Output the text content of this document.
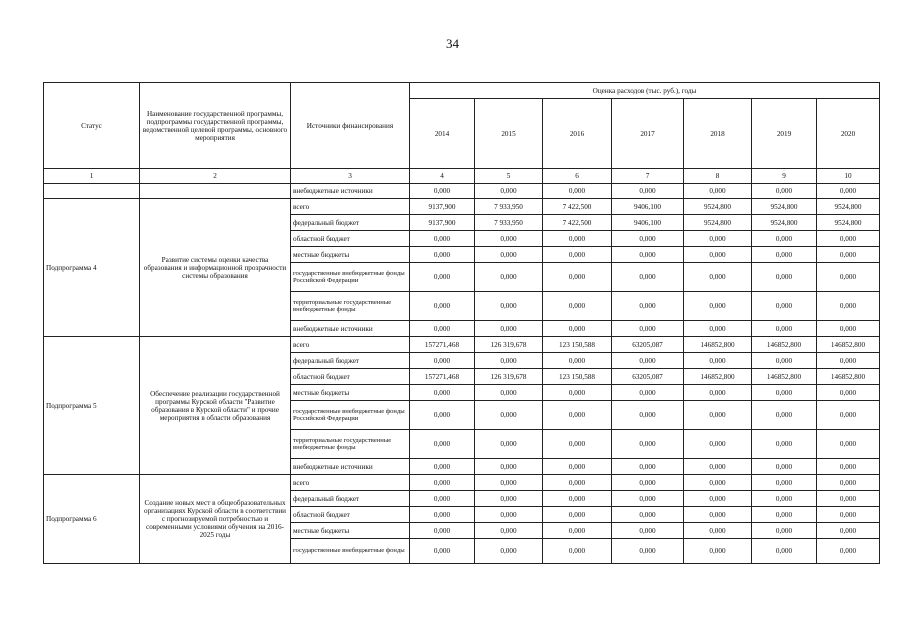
34
Статус	Наименование государственной программы, подпрограммы государственной программы, ведомственной целевой программы, основного мероприятия	Источники финансирования	Оценка расходов (тыс. руб.), годы						
			2014	2015	2016	2017	2018	2019	2020
1	2	3	4	5	6	7	8	9	10
		внебюджетные источники	0,000	0,000	0,000	0,000	0,000	0,000	0,000
Подпрограмма 4	Развитие системы оценки качества образования и информационной прозрачности системы образования	всего	9137,900	7 933,950	7 422,500	9406,100	9524,800	9524,800	9524,800
		федеральный бюджет	9137,900	7 933,950	7 422,500	9406,100	9524,800	9524,800	9524,800
		областной бюджет	0,000	0,000	0,000	0,000	0,000	0,000	0,000
		местные бюджеты	0,000	0,000	0,000	0,000	0,000	0,000	0,000
		государственные внебюджетные фонды Российской Федерации	0,000	0,000	0,000	0,000	0,000	0,000	0,000
		территориальные государственные внебюджетные фонды	0,000	0,000	0,000	0,000	0,000	0,000	0,000
		внебюджетные источники	0,000	0,000	0,000	0,000	0,000	0,000	0,000
Подпрограмма 5	Обеспечение реализации государственной программы Курской области "Развитие образования в Курской области" и прочие мероприятия в области образования	всего	157271,468	126 319,678	123 150,588	63205,087	146852,800	146852,800	146852,800
		федеральный бюджет	0,000	0,000	0,000	0,000	0,000	0,000	0,000
		областной бюджет	157271,468	126 319,678	123 150,588	63205,087	146852,800	146852,800	146852,800
		местные бюджеты	0,000	0,000	0,000	0,000	0,000	0,000	0,000
		государственные внебюджетные фонды Российской Федерации	0,000	0,000	0,000	0,000	0,000	0,000	0,000
		территориальные государственные внебюджетные фонды	0,000	0,000	0,000	0,000	0,000	0,000	0,000
		внебюджетные источники	0,000	0,000	0,000	0,000	0,000	0,000	0,000
Подпрограмма 6	Создание новых мест в общеобразовательных организациях Курской области в соответствии с прогнозируемой потребностью и современными условиями обучения на 2016-2025 годы	всего	0,000	0,000	0,000	0,000	0,000	0,000	0,000
		федеральный бюджет	0,000	0,000	0,000	0,000	0,000	0,000	0,000
		областной бюджет	0,000	0,000	0,000	0,000	0,000	0,000	0,000
		местные бюджеты	0,000	0,000	0,000	0,000	0,000	0,000	0,000
		государственные внебюджетные фонды	0,000	0,000	0,000	0,000	0,000	0,000	0,000
